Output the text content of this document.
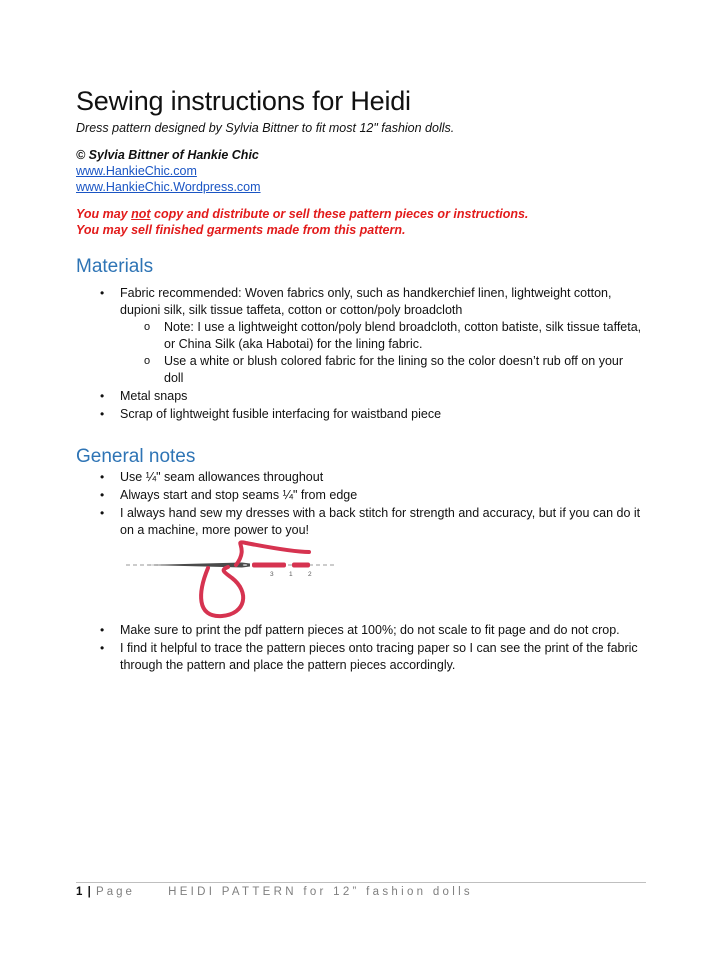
Sewing instructions for Heidi

Dress pattern designed by Sylvia Bittner to fit most 12" fashion dolls.

© Sylvia Bittner of Hankie Chic

www.HankieChic.com
www.HankieChic.Wordpress.com

You may not copy and distribute or sell these pattern pieces or instructions.

You may sell finished garments made from this pattern.

Materials
• Fabric recommended: Woven fabrics only, such as handkerchief linen, lightweight cotton, dupioni silk, silk tissue taffeta, cotton or cotton/poly broadcloth
o Note: I use a lightweight cotton/poly blend broadcloth, cotton batiste, silk tissue taffeta, or China Silk (aka Habotai) for the lining fabric.
o Use a white or blush colored fabric for the lining so the color doesn’t rub off on your doll
• Metal snaps
• Scrap of lightweight fusible interfacing for waistband piece
General notes
• Use ¼" seam allowances throughout
• Always start and stop seams ¼" from edge
• I always hand sew my dresses with a back stitch for strength and accuracy, but if you can do it on a machine, more power to you!
3 1 2
• Make sure to print the pdf pattern pieces at 100%; do not scale to fit page and do not crop.
• I find it helpful to trace the pattern pieces onto tracing paper so I can see the print of the fabric through the pattern and place the pattern pieces accordingly.
1 | Page	HEIDI PATTERN for 12” fashion dolls
